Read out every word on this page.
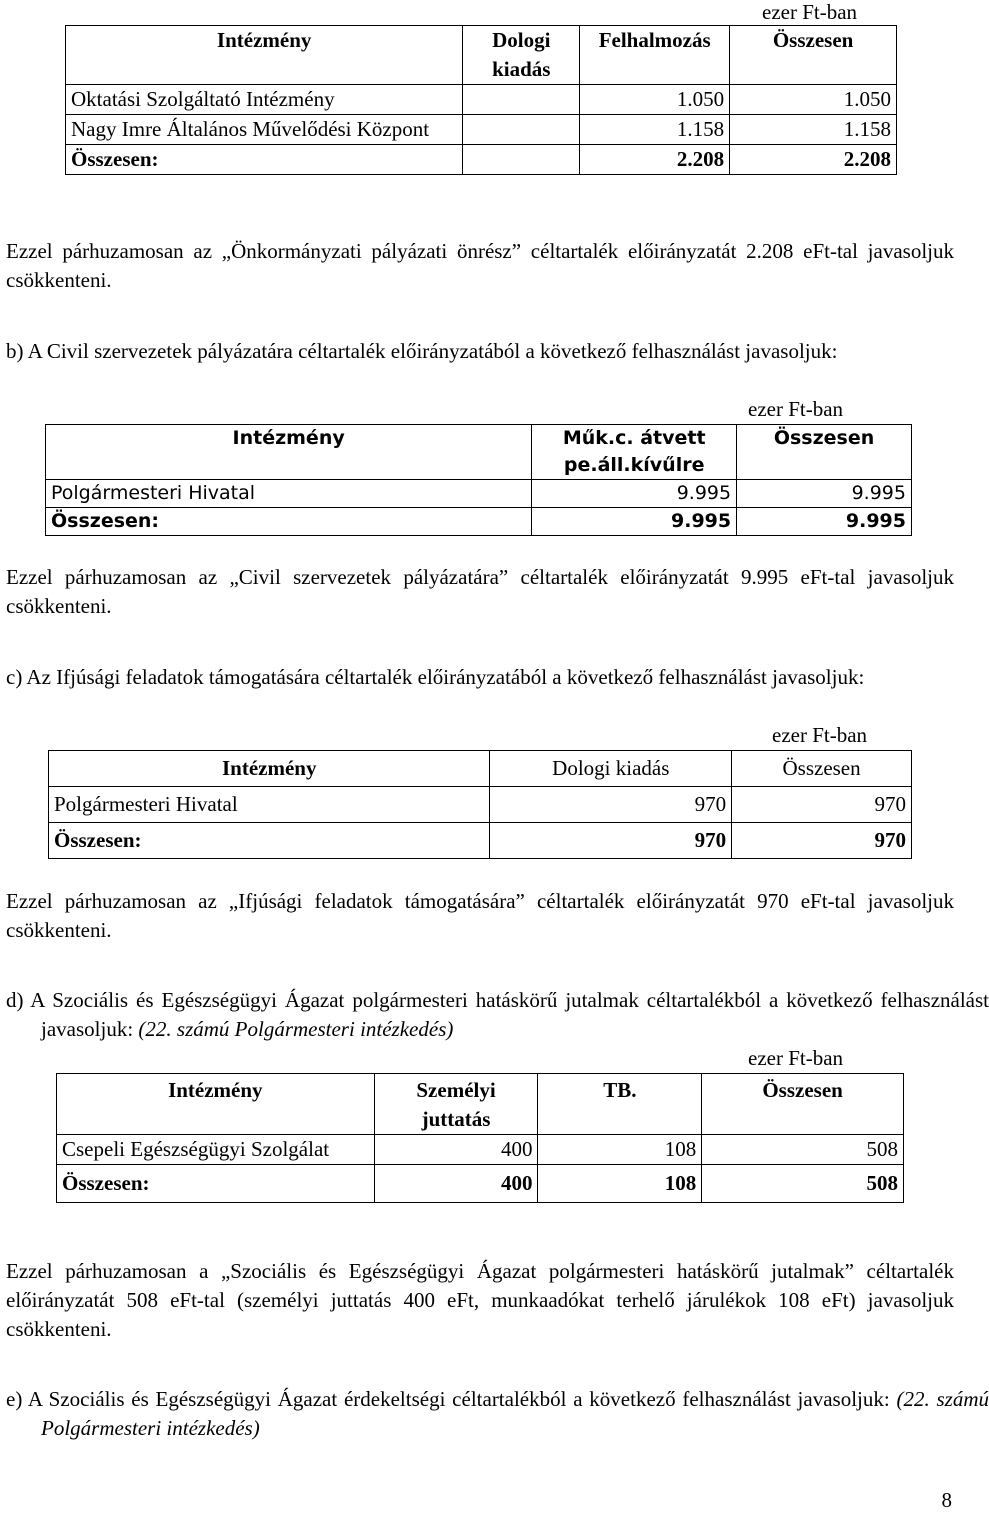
ezer Ft-ban
Intézmény	Dologi kiadás	Felhalmozás	Összesen
Oktatási Szolgáltató Intézmény		1.050	1.050
Nagy Imre Általános Művelődési Központ		1.158	1.158
Összesen:		2.208	2.208
Ezzel párhuzamosan az „Önkormányzati pályázati önrész” céltartalék előirányzatát 2.208 eFt-tal javasoljuk csökkenteni.
b) A Civil szervezetek pályázatára céltartalék előirányzatából a következő felhasználást javasoljuk:
ezer Ft-ban
Intézmény	Műk.c. átvett pe.áll.kívűlre	Összesen
Polgármesteri Hivatal	9.995	9.995
Összesen:	9.995	9.995
Ezzel párhuzamosan az „Civil szervezetek pályázatára” céltartalék előirányzatát 9.995 eFt-tal javasoljuk csökkenteni.
c) Az Ifjúsági feladatok támogatására céltartalék előirányzatából a következő felhasználást javasoljuk:
ezer Ft-ban
Intézmény	Dologi kiadás	Összesen
Polgármesteri Hivatal	970	970
Összesen:	970	970
Ezzel párhuzamosan az „Ifjúsági feladatok támogatására” céltartalék előirányzatát 970 eFt-tal javasoljuk csökkenteni.
d) A Szociális és Egészségügyi Ágazat polgármesteri hatáskörű jutalmak céltartalékból a következő felhasználást javasoljuk: (22. számú Polgármesteri intézkedés)
ezer Ft-ban
Intézmény	Személyi juttatás	TB.	Összesen
Csepeli Egészségügyi Szolgálat	400	108	508
Összesen:	400	108	508
Ezzel párhuzamosan a „Szociális és Egészségügyi Ágazat polgármesteri hatáskörű jutalmak” céltartalék előirányzatát 508 eFt-tal (személyi juttatás 400 eFt, munkaadókat terhelő járulékok 108 eFt) javasoljuk csökkenteni.
e) A Szociális és Egészségügyi Ágazat érdekeltségi céltartalékból a következő felhasználást javasoljuk: (22. számú Polgármesteri intézkedés)
8
